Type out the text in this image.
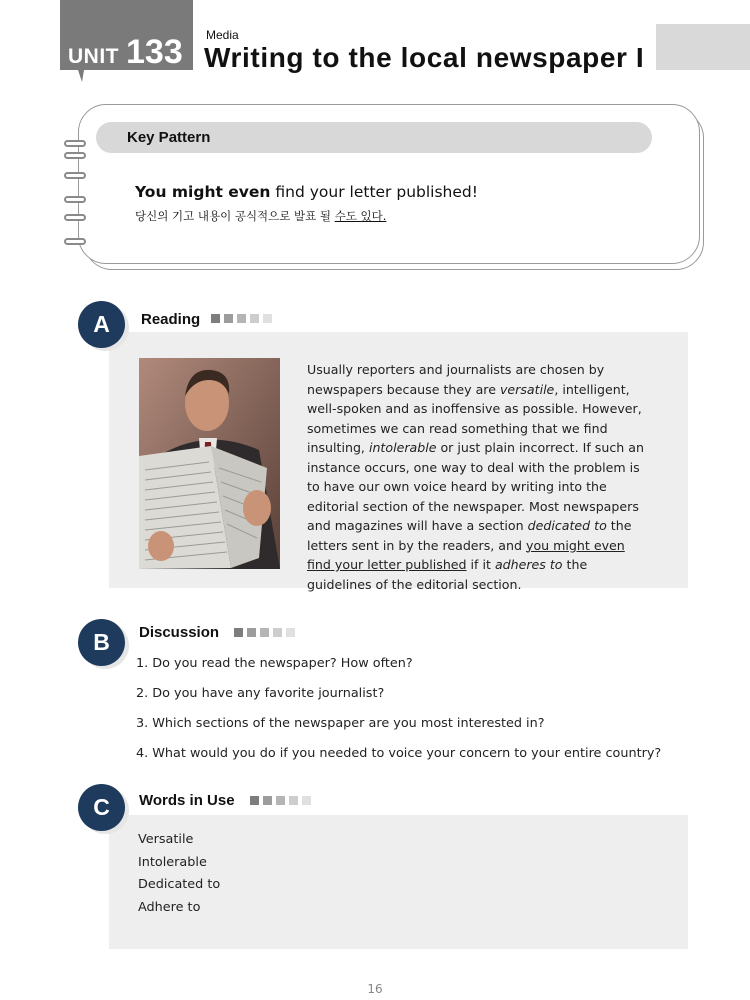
UNIT 133 Media
Writing to the local newspaper I
Key Pattern
You might even find your letter published!
당신의 기고 내용이 공식적으로 발표 될 수도 있다.
A	Reading
Usually reporters and journalists are chosen by newspapers because they are versatile, intelligent, well-spoken and as inoffensive as possible. However, sometimes we can read something that we find insulting, intolerable or just plain incorrect. If such an instance occurs, one way to deal with the problem is to have our own voice heard by writing into the editorial section of the newspaper. Most newspapers and magazines will have a section dedicated to the letters sent in by the readers, and you might even find your letter published if it adheres to the guidelines of the editorial section.
B	Discussion
1. Do you read the newspaper? How often?
2. Do you have any favorite journalist?
3. Which sections of the newspaper are you most interested in?
4. What would you do if you needed to voice your concern to your entire country?
C	Words in Use
Versatile
Intolerable
Dedicated to
Adhere to
16
